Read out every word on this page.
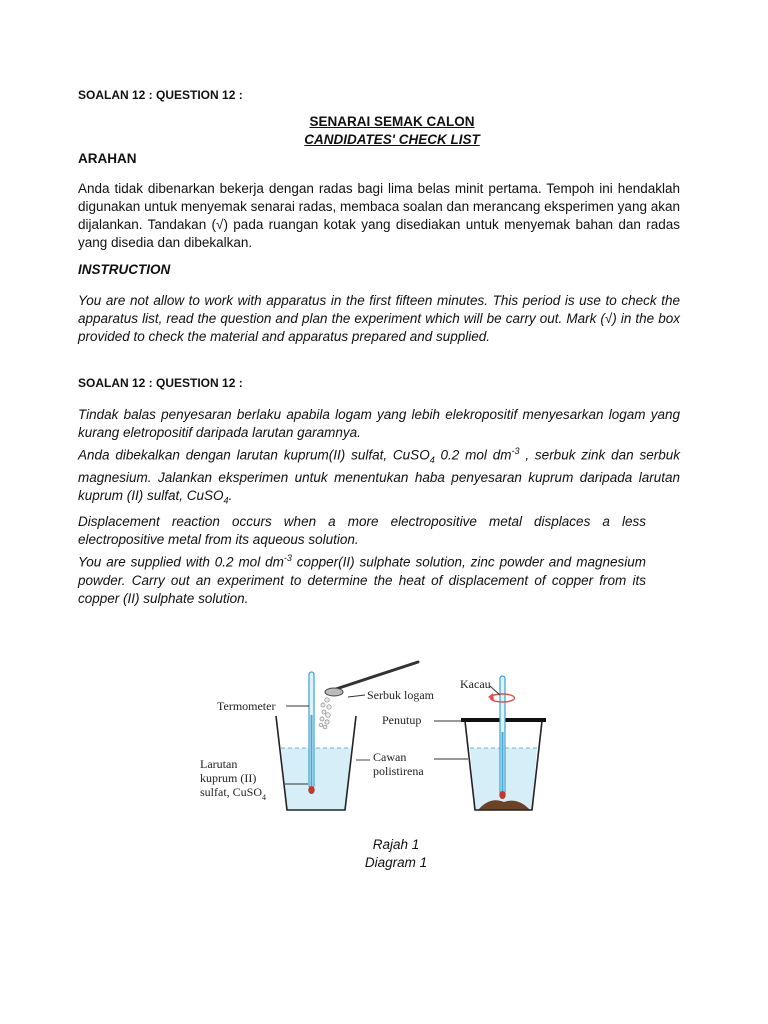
SOALAN 12 : QUESTION 12 :
SENARAI SEMAK CALON
CANDIDATES' CHECK LIST
ARAHAN
Anda tidak dibenarkan bekerja dengan radas bagi lima belas minit pertama. Tempoh ini hendaklah digunakan untuk menyemak senarai radas, membaca soalan dan merancang eksperimen yang akan dijalankan. Tandakan (√) pada ruangan kotak yang disediakan untuk menyemak bahan dan radas yang disedia dan dibekalkan.
INSTRUCTION
You are not allow to work with apparatus in the first fifteen minutes. This period is use to check the apparatus list, read the question and plan the experiment which will be carry out. Mark (√) in the box provided to check the material and apparatus prepared and supplied.
SOALAN 12 : QUESTION 12 :
Tindak balas penyesaran berlaku apabila logam yang lebih elekropositif menyesarkan logam yang kurang eletropositif daripada larutan garamnya.
Anda dibekalkan dengan larutan kuprum(II) sulfat, CuSO$_4$ 0.2 mol $dm^{-3}$ , serbuk zink dan serbuk magnesium. Jalankan eksperimen untuk menentukan haba penyesaran kuprum daripada larutan kuprum (II) sulfat, CuSO$_4$.
Displacement reaction occurs when a more electropositive metal displaces a less electropositive metal from its aqueous solution.
You are supplied with 0.2 mol $dm^{-3}$ copper(II) sulphate solution, zinc powder and magnesium powder. Carry out an experiment to determine the heat of displacement of copper from its copper (II) sulphate solution.
Termometer
Serbuk logam
Kacau
Penutup
Cawan
polistirena
Larutan
kuprum (II)
sulfat, CuSO$_4$
Rajah 1
Diagram 1
